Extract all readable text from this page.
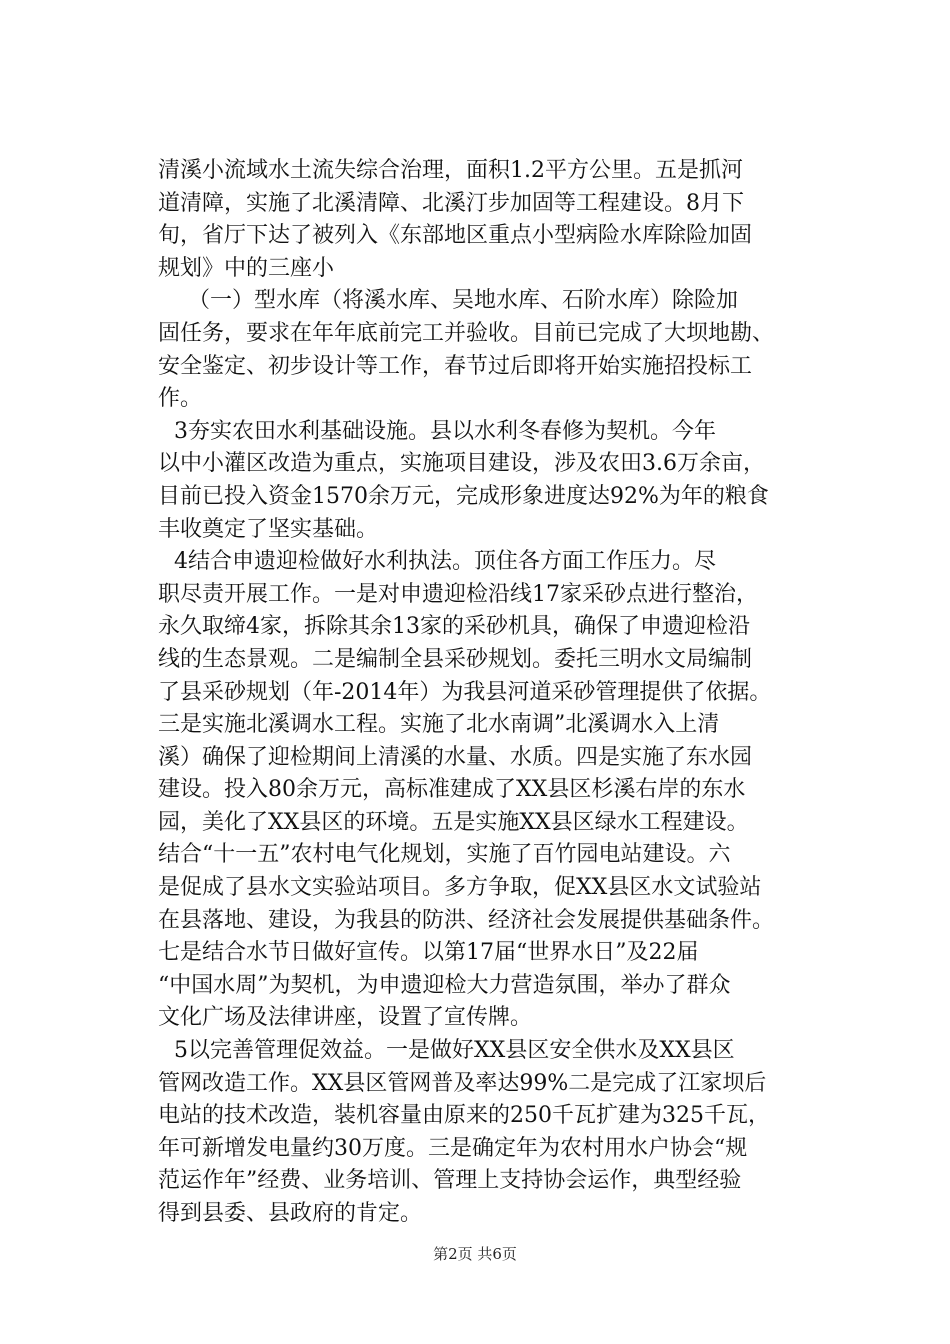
清溪小流域水土流失综合治理，面积1.2平方公里。五是抓河
道清障，实施了北溪清障、北溪汀步加固等工程建设。8月下
旬，省厅下达了被列入《东部地区重点小型病险水库除险加固
规划》中的三座小
（一）型水库（将溪水库、吴地水库、石阶水库）除险加
固任务，要求在年年底前完工并验收。目前已完成了大坝地勘、
安全鉴定、初步设计等工作，春节过后即将开始实施招投标工
作。
3夯实农田水利基础设施。县以水利冬春修为契机。今年
以中小灌区改造为重点，实施项目建设，涉及农田3.6万余亩，
目前已投入资金1570余万元，完成形象进度达92%为年的粮食
丰收奠定了坚实基础。
4结合申遗迎检做好水利执法。顶住各方面工作压力。尽
职尽责开展工作。一是对申遗迎检沿线17家采砂点进行整治，
永久取缔4家，拆除其余13家的采砂机具，确保了申遗迎检沿
线的生态景观。二是编制全县采砂规划。委托三明水文局编制
了县采砂规划（年-2014年）为我县河道采砂管理提供了依据。
三是实施北溪调水工程。实施了北水南调”北溪调水入上清
溪）确保了迎检期间上清溪的水量、水质。四是实施了东水园
建设。投入80余万元，高标准建成了XX县区杉溪右岸的东水
园，美化了XX县区的环境。五是实施XX县区绿水工程建设。
结合“十一五”农村电气化规划，实施了百竹园电站建设。六
是促成了县水文实验站项目。多方争取，促XX县区水文试验站
在县落地、建设，为我县的防洪、经济社会发展提供基础条件。
七是结合水节日做好宣传。以第17届“世界水日”及22届
“中国水周”为契机，为申遗迎检大力营造氛围，举办了群众
文化广场及法律讲座，设置了宣传牌。
5以完善管理促效益。一是做好XX县区安全供水及XX县区
管网改造工作。XX县区管网普及率达99%二是完成了江家坝后
电站的技术改造，装机容量由原来的250千瓦扩建为325千瓦，
年可新增发电量约30万度。三是确定年为农村用水户协会“规
范运作年”经费、业务培训、管理上支持协会运作，典型经验
得到县委、县政府的肯定。
第2页 共6页
